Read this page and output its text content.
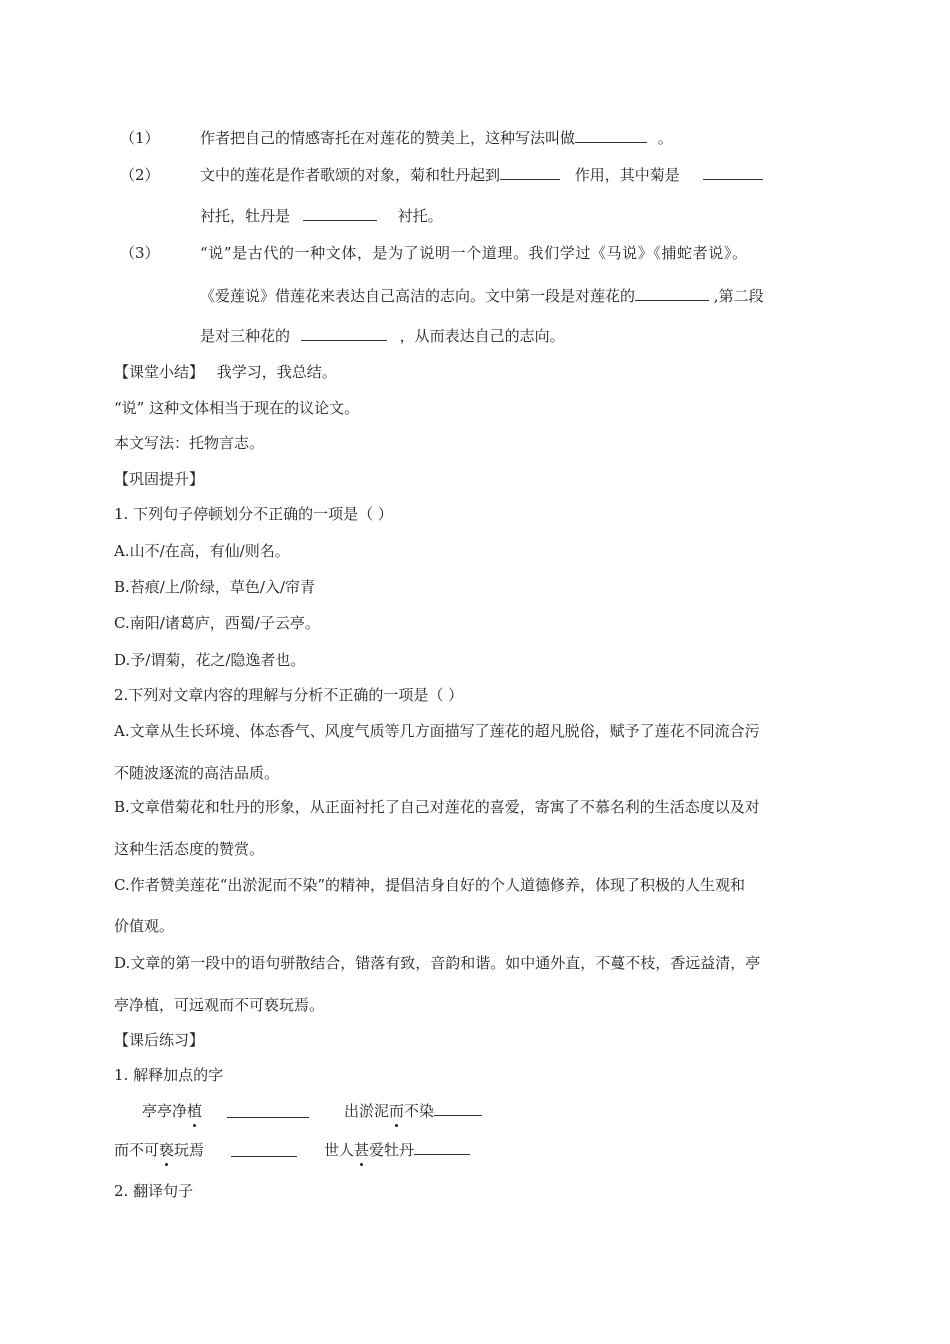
（1）	作者把自己的情感寄托在对莲花的赞美上，这种写法叫做	。
（2）	文中的莲花是作者歌颂的对象，菊和牡丹起到	作用，其中菊是
衬托，牡丹是	衬托。
（3）	“说”是古代的一种文体，是为了说明一个道理。我们学过《马说》《捕蛇者说》。
《爱莲说》借莲花来表达自己高洁的志向。文中第一段是对莲花的	,第二段
是对三种花的	，从而表达自己的志向。
【课堂小结】 我学习，我总结。
“说” 这种文体相当于现在的议论文。
本文写法：托物言志。
【巩固提升】
1. 下列句子停顿划分不正确的一项是（ ）
A.山不/在高，有仙/则名。
B.苔痕/上/阶绿，草色/入/帘青
C.南阳/诸葛庐，西蜀/子云亭。
D.予/谓菊，花之/隐逸者也。
2.下列对文章内容的理解与分析不正确的一项是（ ）
A.文章从生长环境、体态香气、风度气质等几方面描写了莲花的超凡脱俗，赋予了莲花不同流合污
不随波逐流的高洁品质。
B.文章借菊花和牡丹的形象，从正面衬托了自己对莲花的喜爱，寄寓了不慕名利的生活态度以及对
这种生活态度的赞赏。
C.作者赞美莲花“出淤泥而不染”的精神，提倡洁身自好的个人道德修养，体现了积极的人生观和
价值观。
D.文章的第一段中的语句骈散结合，错落有致，音韵和谐。如中通外直，不蔓不枝，香远益清，亭
亭净植，可远观而不可亵玩焉。
【课后练习】
1. 解释加点的字
亭亭净植	出淤泥而不染
而不可亵玩焉	世人甚爱牡丹
2. 翻译句子
